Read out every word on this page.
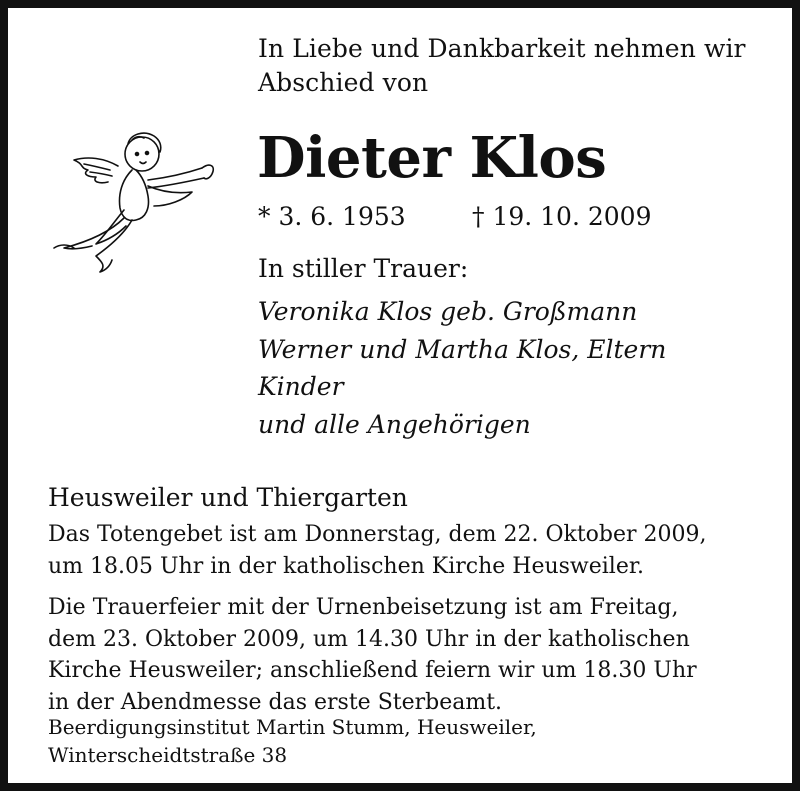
In Liebe und Dankbarkeit nehmen wir
Abschied von
Dieter Klos
* 3. 6. 1953	† 19. 10. 2009
In stiller Trauer:
Veronika Klos geb. Großmann
Werner und Martha Klos, Eltern
Kinder
und alle Angehörigen
Heusweiler und Thiergarten
Das Totengebet ist am Donnerstag, dem 22. Oktober 2009,
um 18.05 Uhr in der katholischen Kirche Heusweiler.
Die Trauerfeier mit der Urnenbeisetzung ist am Freitag,
dem 23. Oktober 2009, um 14.30 Uhr in der katholischen
Kirche Heusweiler; anschließend feiern wir um 18.30 Uhr
in der Abendmesse das erste Sterbeamt.
Beerdigungsinstitut Martin Stumm, Heusweiler,
Winterscheidtstraße 38
